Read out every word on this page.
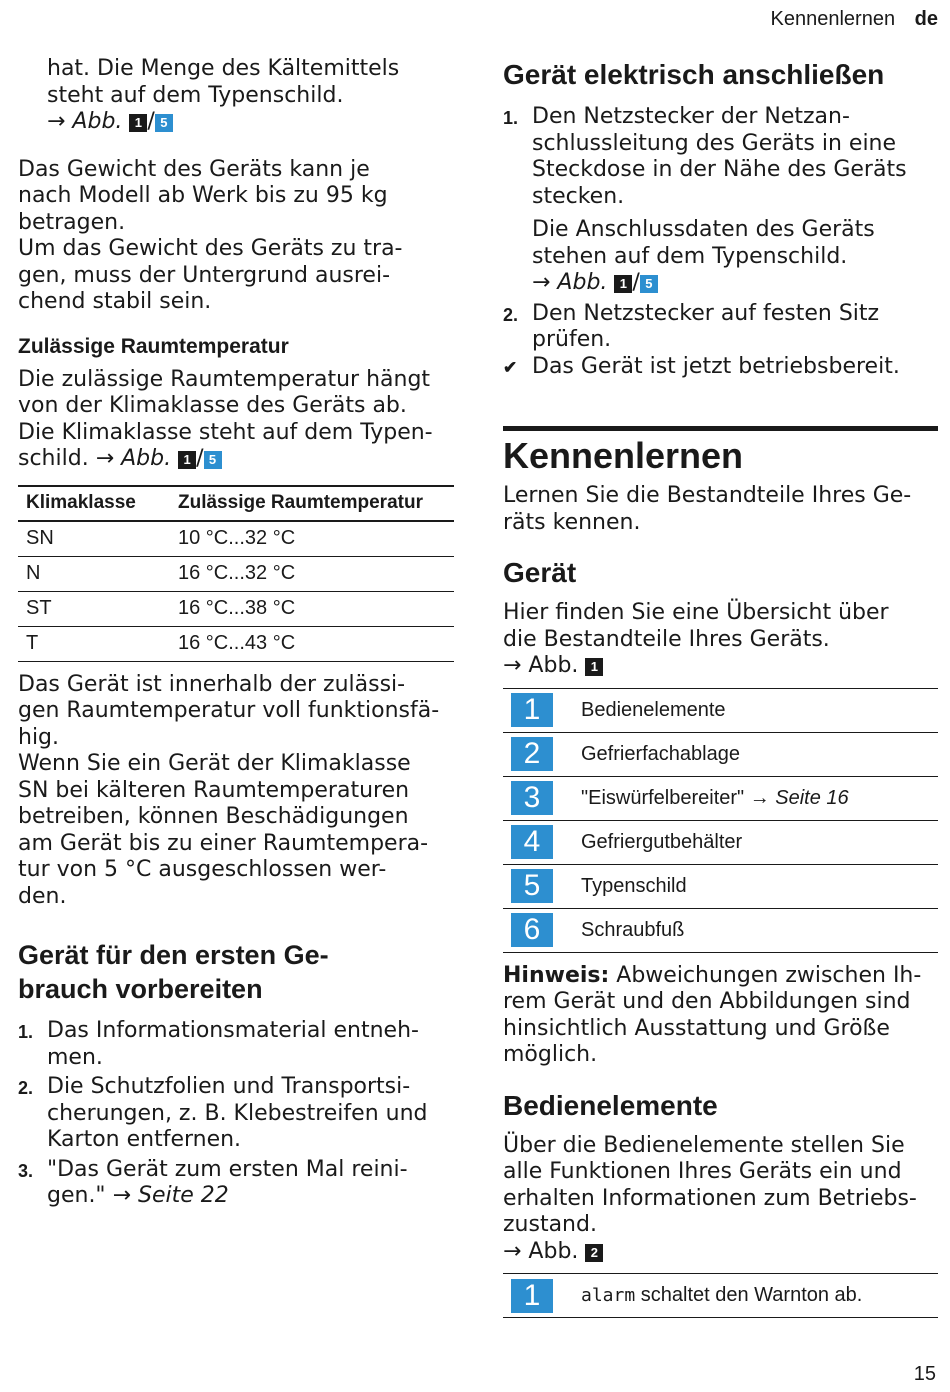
Kennenlernen de

hat. Die Menge des Kältemittels

steht auf dem Typenschild.

→ Abb. 1 / 5

Das Gewicht des Geräts kann je

nach Modell ab Werk bis zu 95 kg

betragen.

Um das Gewicht des Geräts zu tra-

gen, muss der Untergrund ausrei-

chend stabil sein.

Zulässige Raumtemperatur

Die zulässige Raumtemperatur hängt

von der Klimaklasse des Geräts ab.

Die Klimaklasse steht auf dem Typen-

schild. → Abb. 1 / 5

Klimaklasse	Zulässige Raumtemperatur
SN	10 °C...32 °C
N	16 °C...32 °C
ST	16 °C...38 °C
T	16 °C...43 °C

Das Gerät ist innerhalb der zulässi-

gen Raumtemperatur voll funktionsfä-

hig.

Wenn Sie ein Gerät der Klimaklasse

SN bei kälteren Raumtemperaturen

betreiben, können Beschädigungen

am Gerät bis zu einer Raumtempera-

tur von 5 °C ausgeschlossen wer-

den.

Gerät für den ersten Ge-
brauch vorbereiten
1. Das Informationsmaterial entneh-
men.
2. Die Schutzfolien und Transportsi-
cherungen, z. B. Klebestreifen und
Karton entfernen.
3. "Das Gerät zum ersten Mal reini-
gen." → Seite 22
Gerät elektrisch anschließen
1. Den Netzstecker der Netzan-
schlussleitung des Geräts in eine
Steckdose in der Nähe des Geräts
stecken.
Die Anschlussdaten des Geräts
stehen auf dem Typenschild.
→ Abb. 1 / 5
2. Den Netzstecker auf festen Sitz
prüfen.
✔ Das Gerät ist jetzt betriebsbereit.
Kennenlernen

Lernen Sie die Bestandteile Ihres Ge-

räts kennen.

Gerät

Hier finden Sie eine Übersicht über

die Bestandteile Ihres Geräts.

→ Abb. 1

1	Bedienelemente
2	Gefrierfachablage
3	"Eiswürfelbereiter" → Seite 16
4	Gefriergutbehälter
5	Typenschild
6	Schraubfuß

Hinweis: Abweichungen zwischen Ih-

rem Gerät und den Abbildungen sind

hinsichtlich Ausstattung und Größe

möglich.

Bedienelemente

Über die Bedienelemente stellen Sie

alle Funktionen Ihres Geräts ein und

erhalten Informationen zum Betriebs-

zustand.

→ Abb. 2

1	alarm schaltet den Warnton ab.
15
